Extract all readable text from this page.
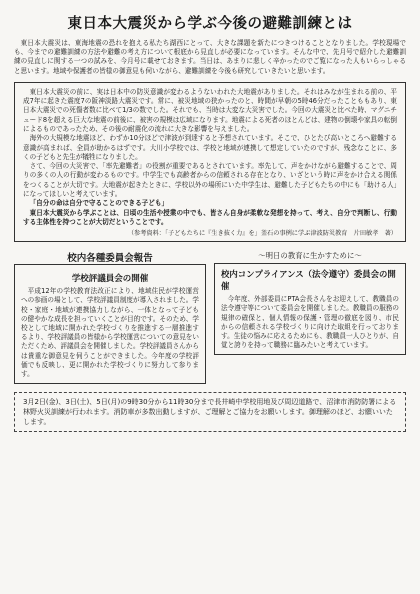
東日本大震災から学ぶ今後の避難訓練とは

東日本大震災は、東海地震の恐れを抱える私たち湖西にとって、大きな課題を新たにつきつけることとなりました。学校現場でも、今までの避難訓練の方法や避難の考え方について根底から見直しが必要になっています。そんな中で、先月号で紹介した避難訓練の見直しに関する一つの試みを、今月号に載せておきます。当日は、あまりに悲しく辛かったのでご覧になった人もいらっしゃると思います。地域や保護者の皆様の御意見も伺いながら、避難訓練を今後も研究していきたいと思います。

東日本大震災の前に、実は日本中の防災意識が変わるようないわれた大地震がありました。それはみなが生まれる前の、平成7年に起きた震度7の阪神淡路大震災です。常に、被災地域の狭かったのと、時間が早朝の5時46分だったことももあり、東日本大震災での死傷者数に比べて1/3の数でした。それでも、当時は大変な大災害でした。今回の大震災と比べた時、マグニチュード8を超える巨大な地震の前後に、被害の規模は広域になります。地震による死者のほとんどは、建物の倒壊や家具の転倒によるものであったため、その後の耐震化の流れに大きな影響を与えました。

海外の大規模な地震ほど、わずか10分ほどで津波が到達すると予想されています。そこで、ひとたび高いところへ避難する意識が高まれば、全員が助かるはずです。大川小学校では、学校と地域が連携して想定していたのですが、残念なことに、多くの子どもと先生が犠牲になりました。

さて、今回の大災害で、「率先避難者」の役割が重要であるとされています。率先して、声をかけながら避難することで、周りの多くの人の行動が変わるものです。中学生でも高齢者からの信頼される存在となり、いざという時に声をかけ合える関係をつくることが大切です。大地震が起きたときに、学校以外の場所にいた中学生は、避難した子どもたちの中にも「助ける人」になってほしいと考えています。

「自分の命は自分で守ることのできる子ども」

東日本大震災から学ぶことは、日頃の生活や授業の中でも、皆さん自身が柔軟な発想を持って、考え、自分で判断し、行動する主体性を持つことが大切だということです。

（参考資料：「子どもたちに『生き抜く力』を」釜石の事例に学ぶ津波防災教育　片田敏孝　著）
校内各種委員会報告
学校評議員会の開催

平成12年の学校教育法改正により、地域住民が学校運営への参画の場として、学校評議員制度が導入されました。学校・家庭・地域が連携協力しながら、一体となって子どもの健やかな成長を担っていくことが目的です。そのため、学校として地域に開かれた学校づくりを推進する一層推進するより、学校評議員の皆様から学校運営についての意見をいただくため、評議員会を開催しました。学校評議員さんからは貴重な御意見を伺うことができました。今年度の学校評価でも反映し、更に開かれた学校づくりに努力して参ります。

～明日の教育に生かすために～
校内コンプライアンス（法令遵守）委員会の開催

今年度、外部委員にPTA会長さんをお迎えして、教職員の法令遵守等について委員会を開催しました。教職員の服務の規律の確保と、個人情報の保護・管理の徹底を図り、市民からの信頼される学校づくりに向けた取組を行っております。生徒の悩みに応えるためにも、教職員一人ひとりが、自覚と誇りを持って職務に臨みたいと考えています。

3月2日(金)、3日(土)、5日(月)の9時30分から11時30分まで長井崎中学校用地及び周辺道路で、沼津市消防防署による林野火災訓練が行われます。消防車が多数出動しますが、ご理解とご協力をお願いします。御理解のほど、お願いいたします。
